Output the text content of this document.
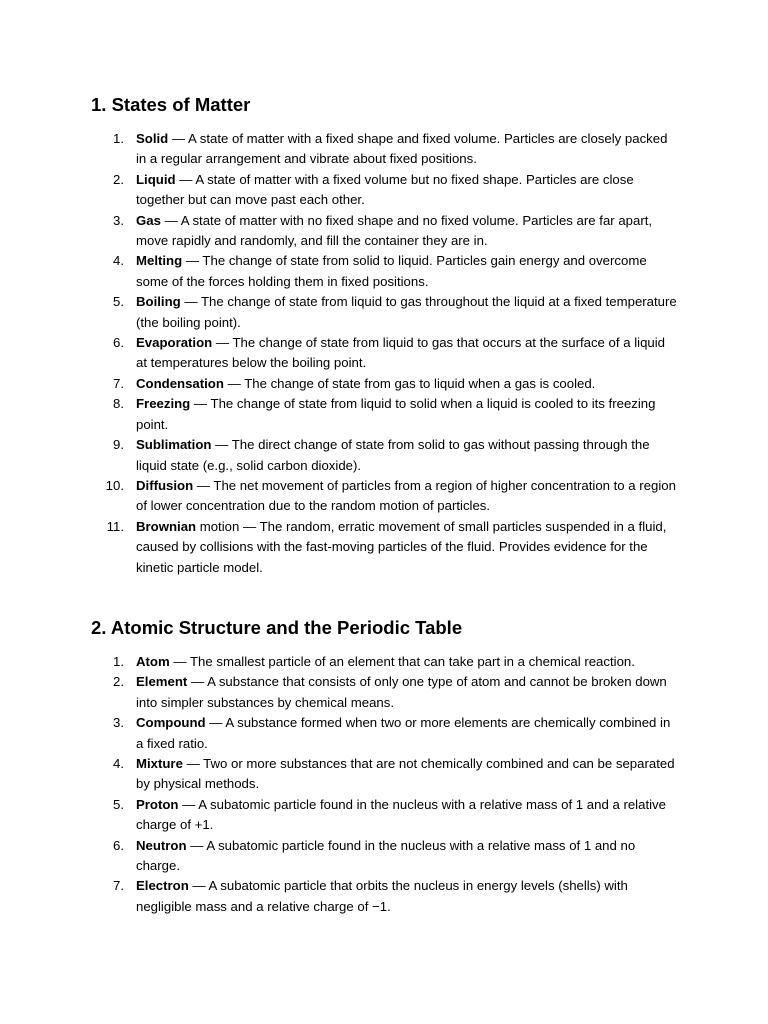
1. States of Matter
1. Solid — A state of matter with a fixed shape and fixed volume. Particles are closely packed in a regular arrangement and vibrate about fixed positions.
2. Liquid — A state of matter with a fixed volume but no fixed shape. Particles are close together but can move past each other.
3. Gas — A state of matter with no fixed shape and no fixed volume. Particles are far apart, move rapidly and randomly, and fill the container they are in.
4. Melting — The change of state from solid to liquid. Particles gain energy and overcome some of the forces holding them in fixed positions.
5. Boiling — The change of state from liquid to gas throughout the liquid at a fixed temperature (the boiling point).
6. Evaporation — The change of state from liquid to gas that occurs at the surface of a liquid at temperatures below the boiling point.
7. Condensation — The change of state from gas to liquid when a gas is cooled.
8. Freezing — The change of state from liquid to solid when a liquid is cooled to its freezing point.
9. Sublimation — The direct change of state from solid to gas without passing through the liquid state (e.g., solid carbon dioxide).
10. Diffusion — The net movement of particles from a region of higher concentration to a region of lower concentration due to the random motion of particles.
11. Brownian motion — The random, erratic movement of small particles suspended in a fluid, caused by collisions with the fast-moving particles of the fluid. Provides evidence for the kinetic particle model.
2. Atomic Structure and the Periodic Table
1. Atom — The smallest particle of an element that can take part in a chemical reaction.
2. Element — A substance that consists of only one type of atom and cannot be broken down into simpler substances by chemical means.
3. Compound — A substance formed when two or more elements are chemically combined in a fixed ratio.
4. Mixture — Two or more substances that are not chemically combined and can be separated by physical methods.
5. Proton — A subatomic particle found in the nucleus with a relative mass of 1 and a relative charge of +1.
6. Neutron — A subatomic particle found in the nucleus with a relative mass of 1 and no charge.
7. Electron — A subatomic particle that orbits the nucleus in energy levels (shells) with negligible mass and a relative charge of −1.
